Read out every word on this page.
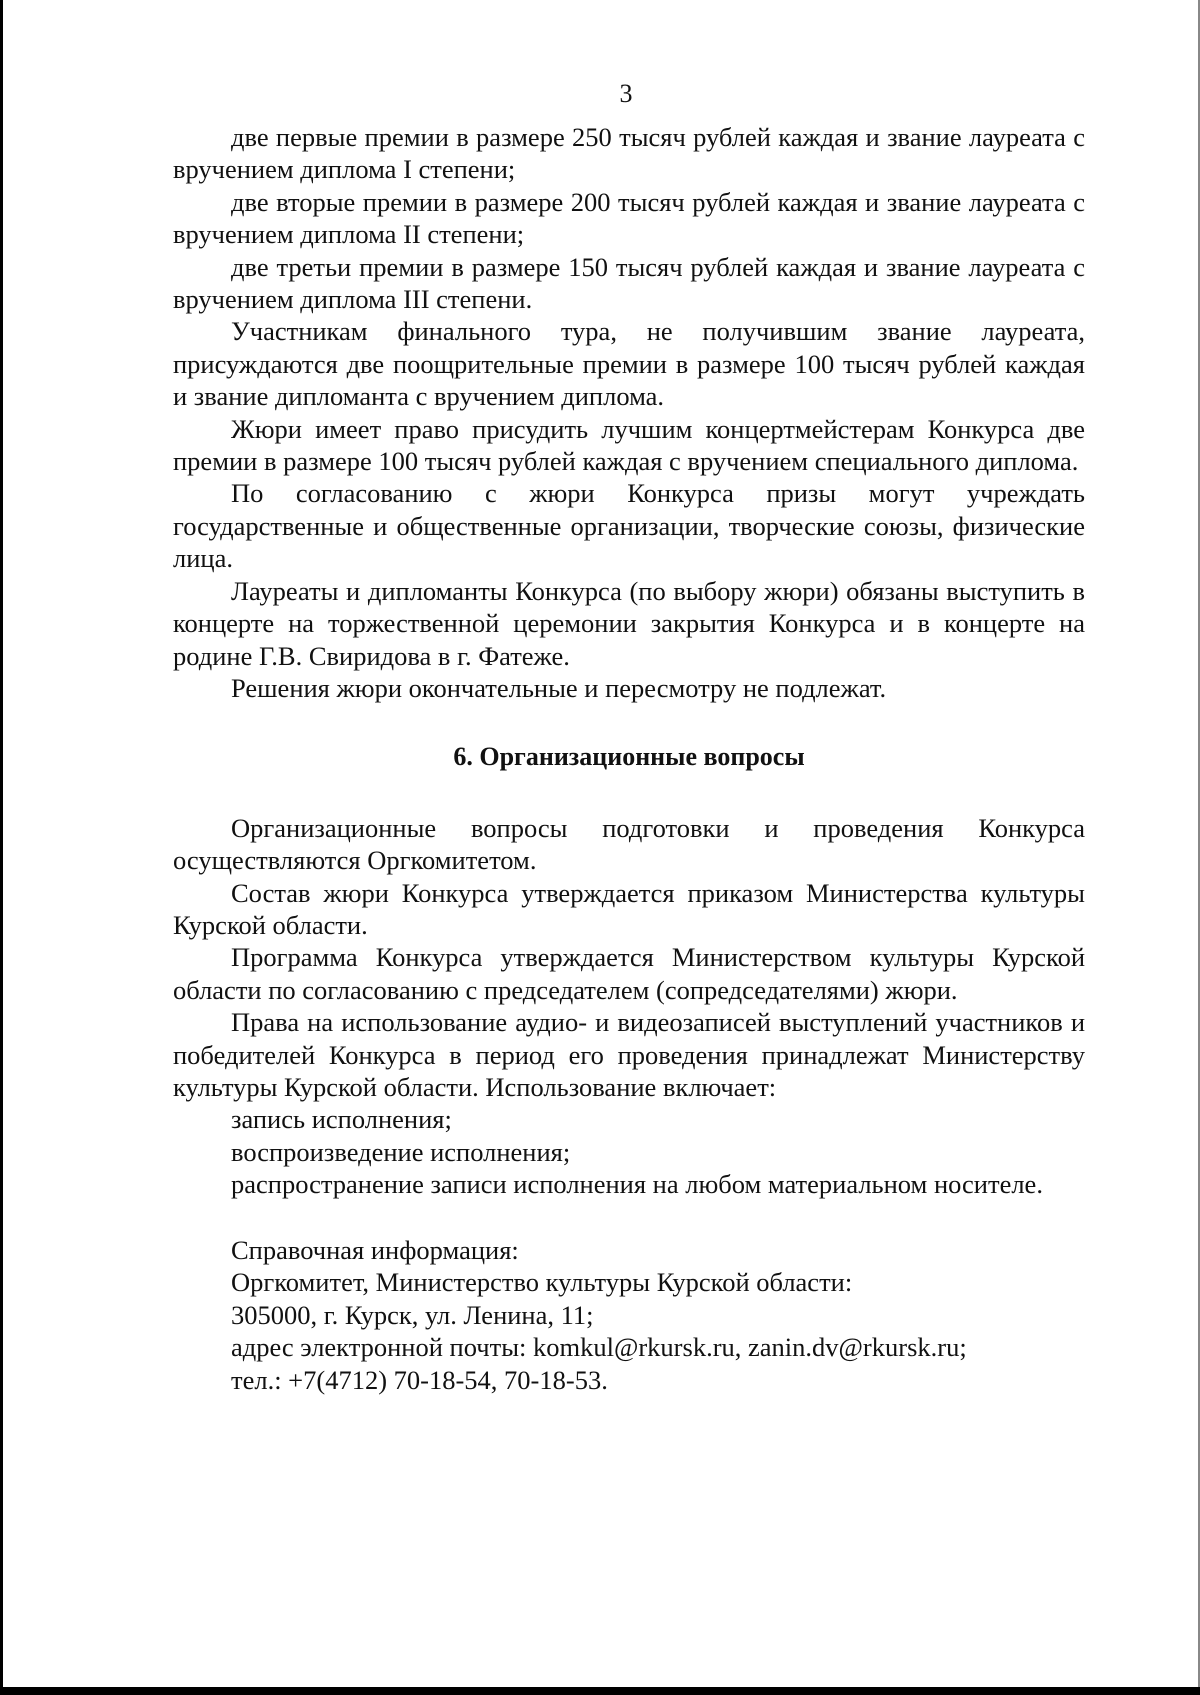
3

две первые премии в размере 250 тысяч рублей каждая и звание лауреата с вручением диплома I степени;

две вторые премии в размере 200 тысяч рублей каждая и звание лауреата с вручением диплома II степени;

две третьи премии в размере 150 тысяч рублей каждая и звание лауреата с вручением диплома III степени.

Участникам финального тура, не получившим звание лауреата, присуждаются две поощрительные премии в размере 100 тысяч рублей каждая и звание дипломанта с вручением диплома.

Жюри имеет право присудить лучшим концертмейстерам Конкурса две премии в размере 100 тысяч рублей каждая с вручением специального диплома.

По согласованию с жюри Конкурса призы могут учреждать государственные и общественные организации, творческие союзы, физические лица.

Лауреаты и дипломанты Конкурса (по выбору жюри) обязаны выступить в концерте на торжественной церемонии закрытия Конкурса и в концерте на родине Г.В. Свиридова в г. Фатеже.

Решения жюри окончательные и пересмотру не подлежат.

6. Организационные вопросы

Организационные вопросы подготовки и проведения Конкурса осуществляются Оргкомитетом.

Состав жюри Конкурса утверждается приказом Министерства культуры Курской области.

Программа Конкурса утверждается Министерством культуры Курской области по согласованию с председателем (сопредседателями) жюри.

Права на использование аудио- и видеозаписей выступлений участников и победителей Конкурса в период его проведения принадлежат Министерству культуры Курской области. Использование включает:

запись исполнения;

воспроизведение исполнения;

распространение записи исполнения на любом материальном носителе.

Справочная информация:
Оргкомитет, Министерство культуры Курской области:
305000, г. Курск, ул. Ленина, 11;
адрес электронной почты: komkul@rkursk.ru, zanin.dv@rkursk.ru;
тел.: +7(4712) 70-18-54, 70-18-53.
